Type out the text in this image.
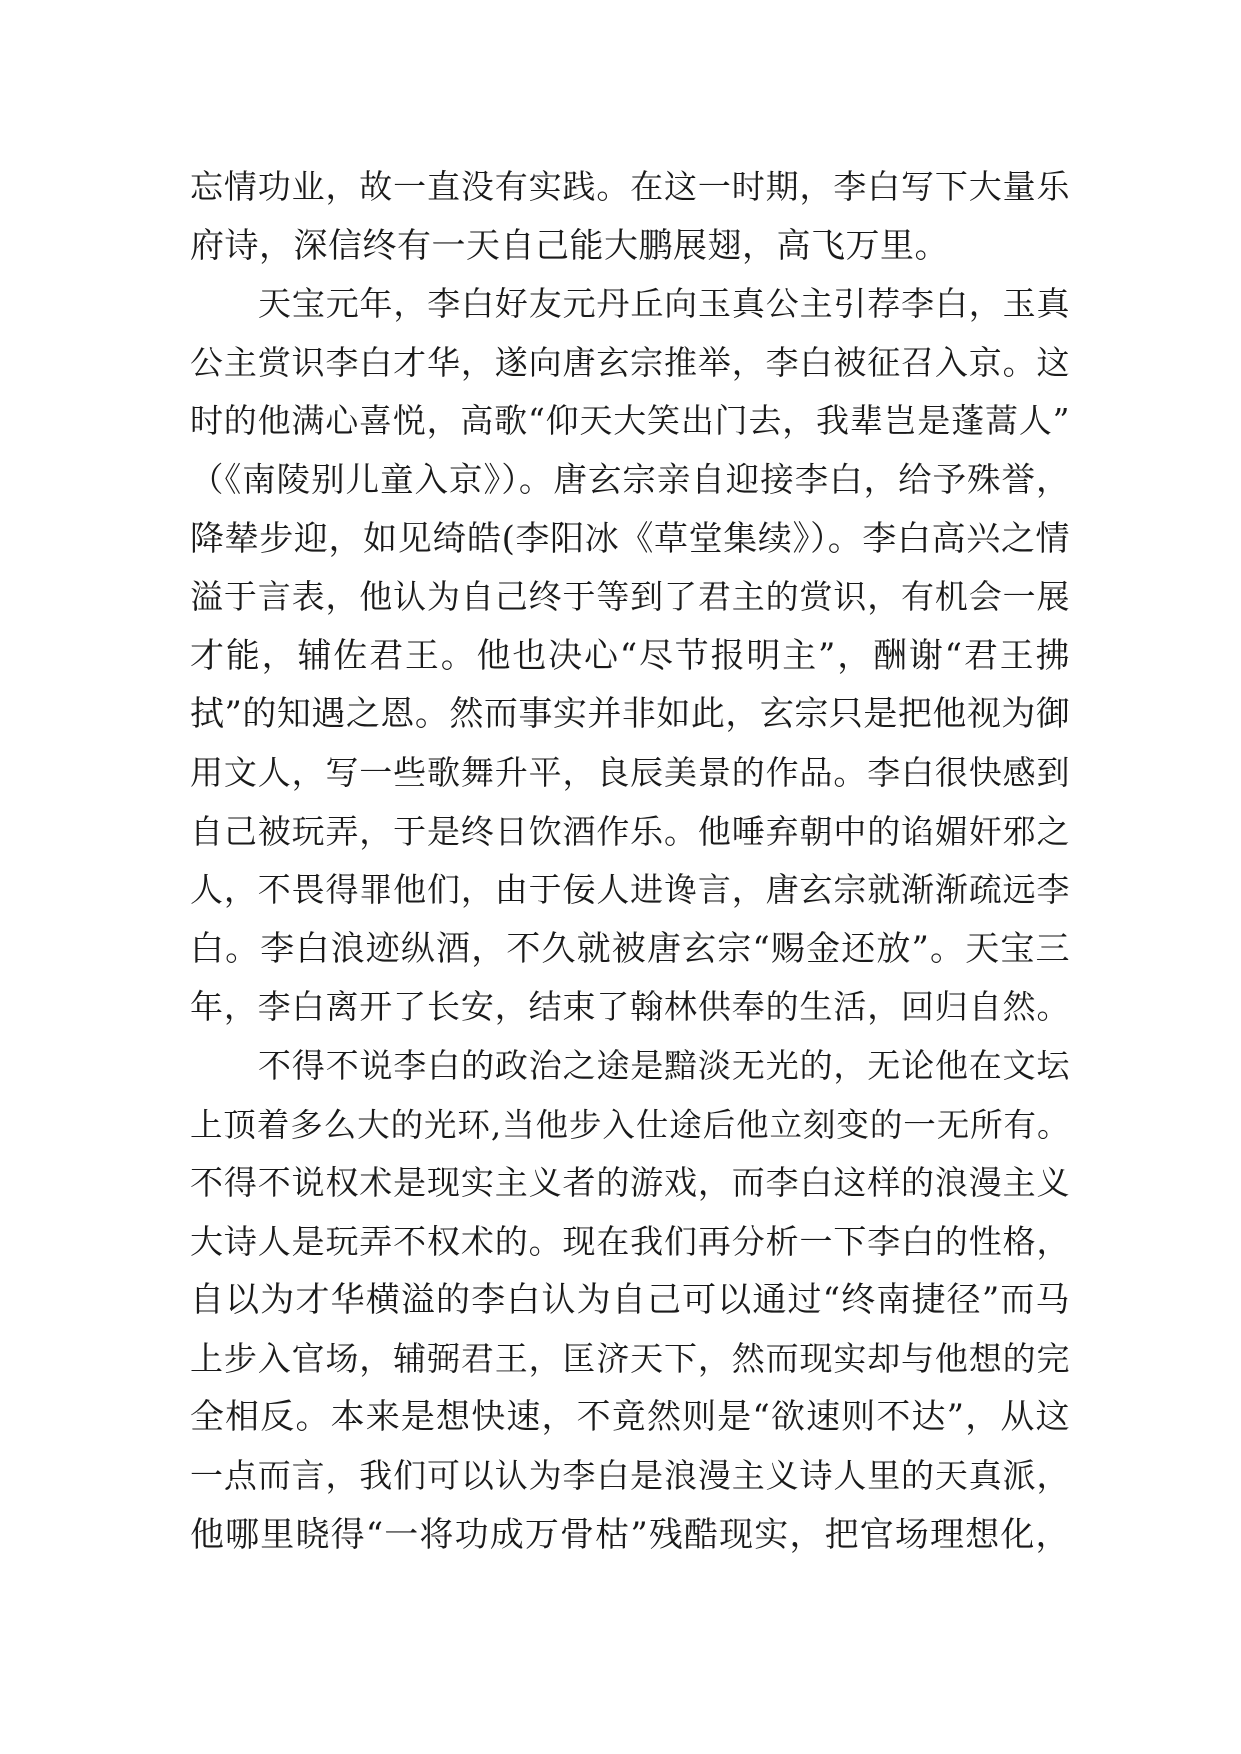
忘情功业，故一直没有实践。在这一时期，李白写下大量乐
府诗，深信终有一天自己能大鹏展翅，高飞万里。
天宝元年，李白好友元丹丘向玉真公主引荐李白，玉真
公主赏识李白才华，遂向唐玄宗推举，李白被征召入京。这
时的他满心喜悦，高歌“仰天大笑出门去，我辈岂是蓬蒿人”
（《南陵别儿童入京》）。唐玄宗亲自迎接李白，给予殊誉，
降辇步迎，如见绮皓(李阳冰《草堂集续》）。李白高兴之情
溢于言表，他认为自己终于等到了君主的赏识，有机会一展
才能，辅佐君王。他也决心“尽节报明主”，酬谢“君王拂
拭”的知遇之恩。然而事实并非如此，玄宗只是把他视为御
用文人，写一些歌舞升平，良辰美景的作品。李白很快感到
自己被玩弄，于是终日饮酒作乐。他唾弃朝中的谄媚奸邪之
人，不畏得罪他们，由于佞人进谗言，唐玄宗就渐渐疏远李
白。李白浪迹纵酒，不久就被唐玄宗“赐金还放”。天宝三
年，李白离开了长安，结束了翰林供奉的生活，回归自然。
不得不说李白的政治之途是黯淡无光的，无论他在文坛
上顶着多么大的光环,当他步入仕途后他立刻变的一无所有。
不得不说权术是现实主义者的游戏，而李白这样的浪漫主义
大诗人是玩弄不权术的。现在我们再分析一下李白的性格，
自以为才华横溢的李白认为自己可以通过“终南捷径”而马
上步入官场，辅弼君王，匡济天下，然而现实却与他想的完
全相反。本来是想快速，不竟然则是“欲速则不达”，从这
一点而言，我们可以认为李白是浪漫主义诗人里的天真派，
他哪里晓得“一将功成万骨枯”残酷现实，把官场理想化，
